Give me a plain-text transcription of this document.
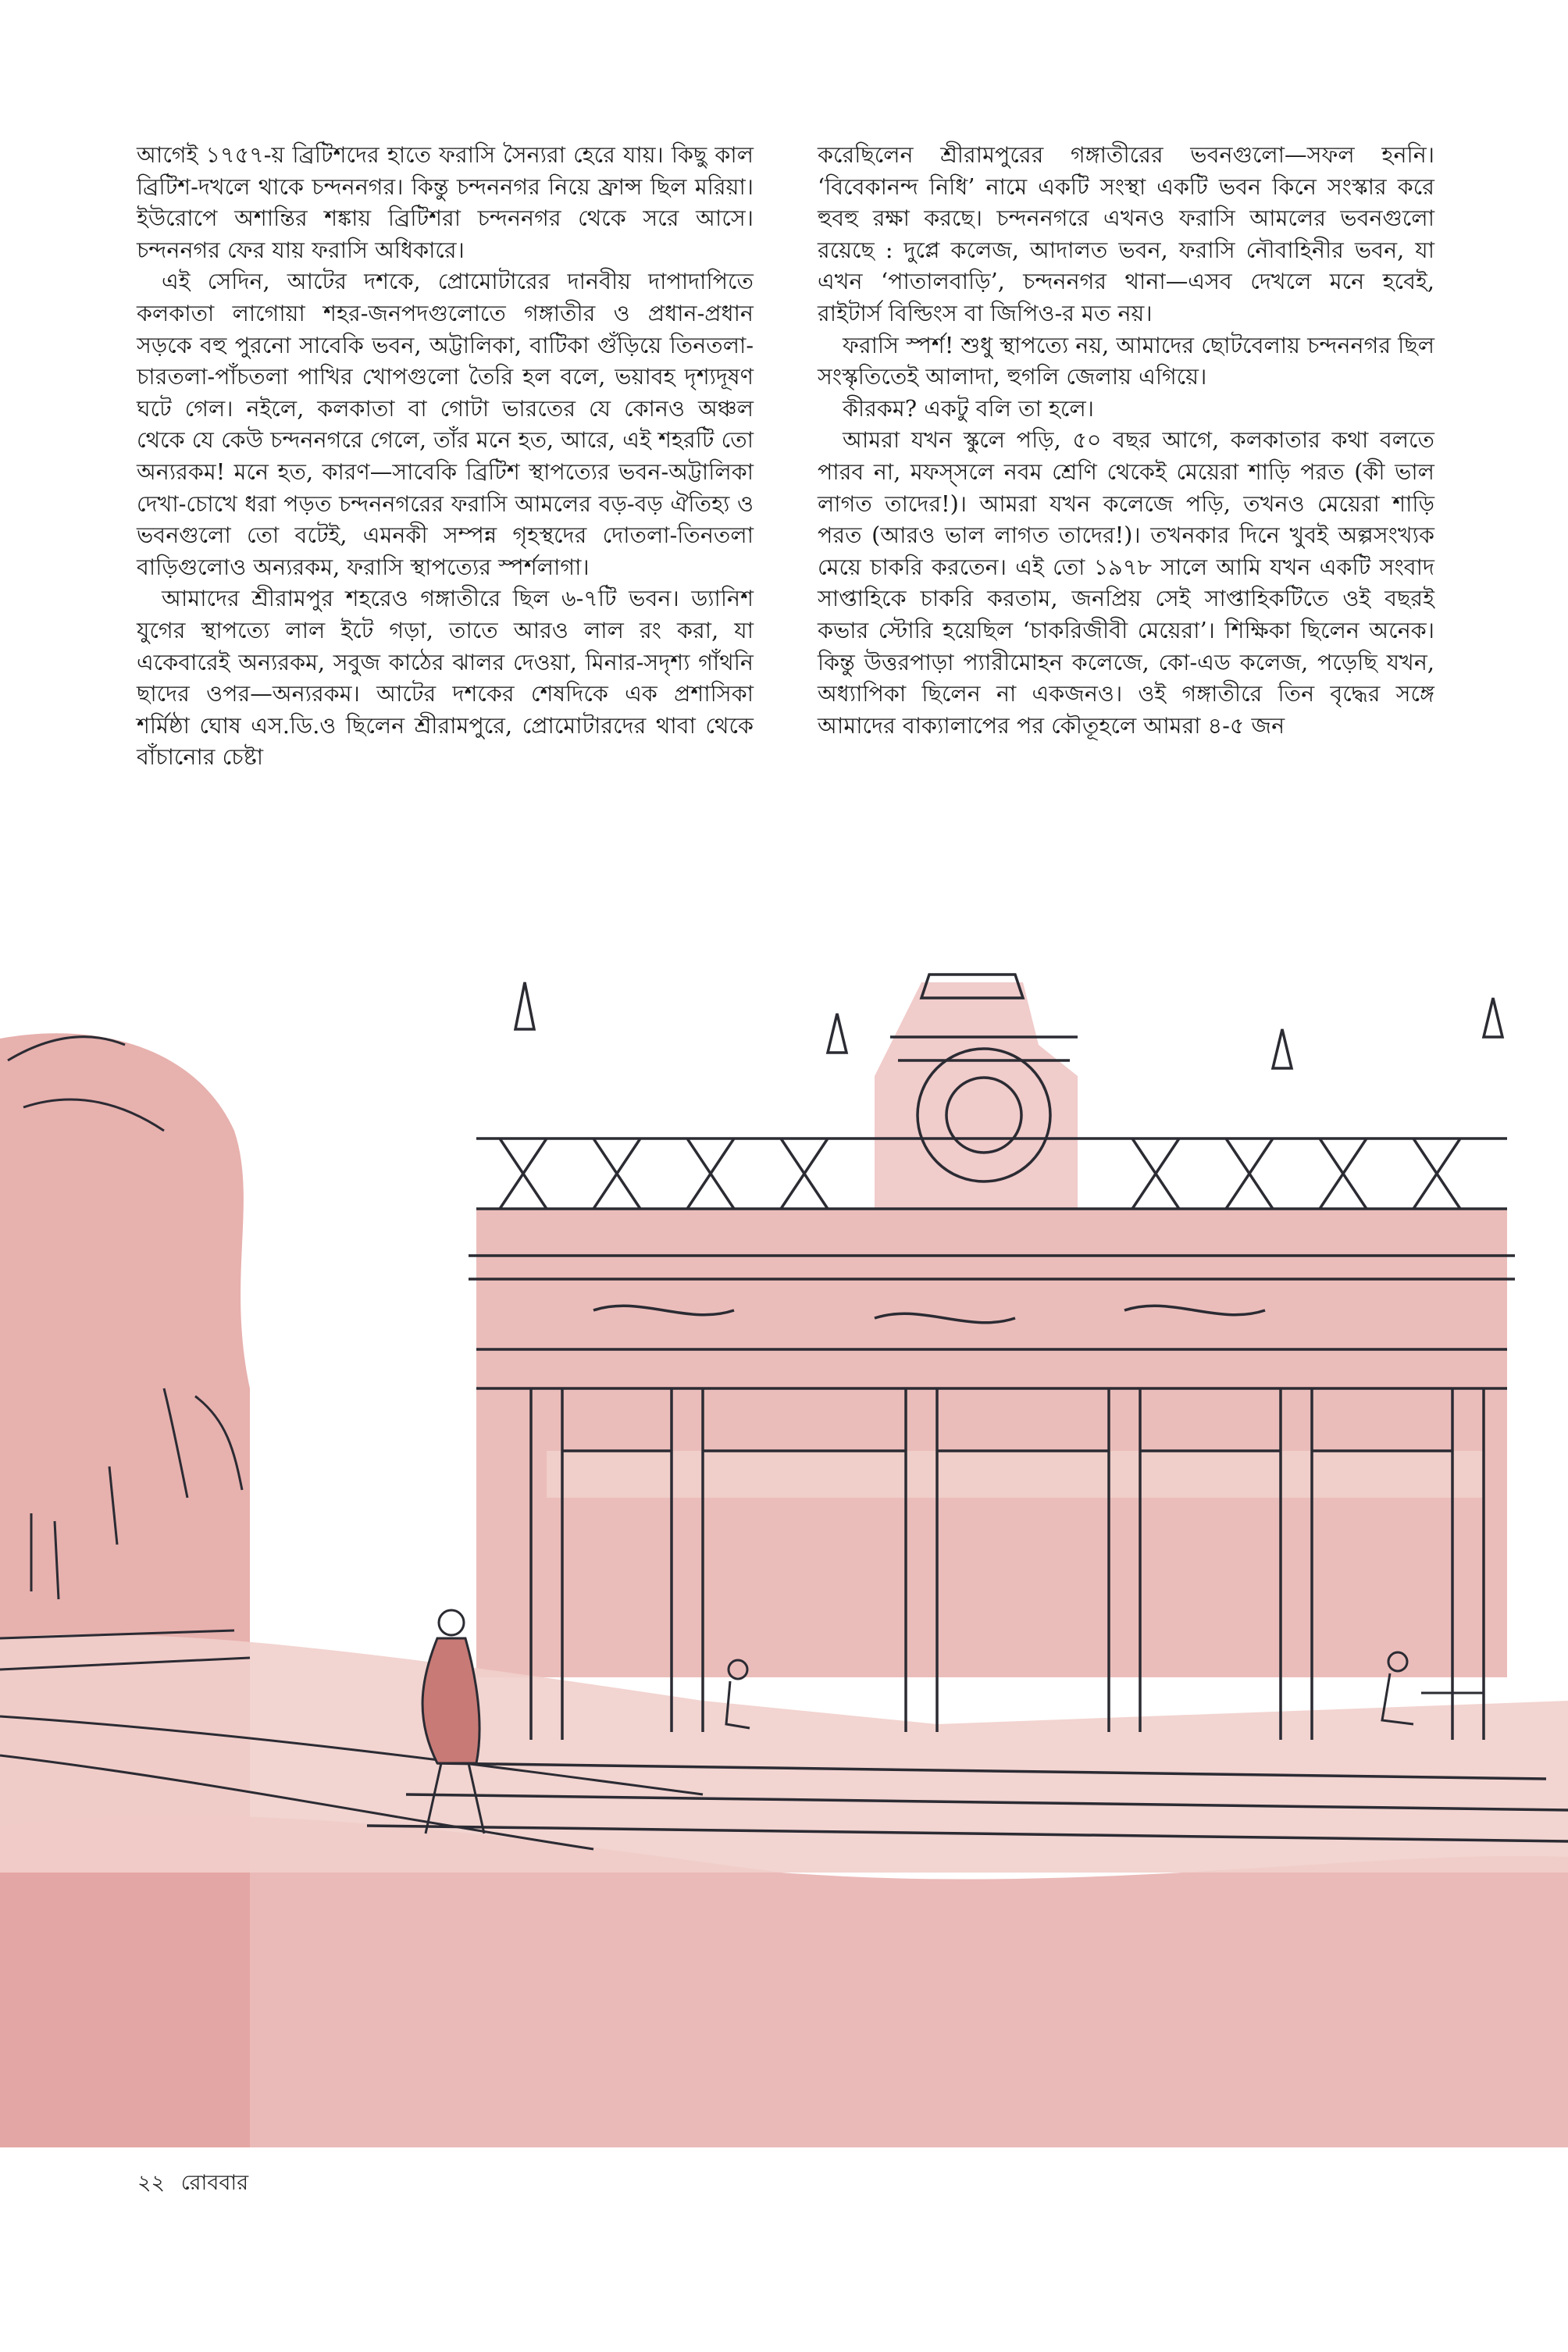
আগেই ১৭৫৭-য় ব্রিটিশদের হাতে ফরাসি সৈন্যরা হেরে যায়। কিছু কাল ব্রিটিশ-দখলে থাকে চন্দননগর। কিন্তু চন্দননগর নিয়ে ফ্রান্স ছিল মরিয়া। ইউরোপে অশান্তির শঙ্কায় ব্রিটিশরা চন্দননগর থেকে সরে আসে। চন্দননগর ফের যায় ফরাসি অধিকারে।

এই সেদিন, আটের দশকে, প্রোমোটারের দানবীয় দাপাদাপিতে কলকাতা লাগোয়া শহর-জনপদগুলোতে গঙ্গাতীর ও প্রধান-প্রধান সড়কে বহু পুরনো সাবেকি ভবন, অট্টালিকা, বাটিকা গুঁড়িয়ে তিনতলা-চারতলা-পাঁচতলা পাখির খোপগুলো তৈরি হল বলে, ভয়াবহ দৃশ্যদূষণ ঘটে গেল। নইলে, কলকাতা বা গোটা ভারতের যে কোনও অঞ্চল থেকে যে কেউ চন্দননগরে গেলে, তাঁর মনে হত, আরে, এই শহরটি তো অন্যরকম! মনে হত, কারণ—সাবেকি ব্রিটিশ স্থাপত্যের ভবন-অট্টালিকা দেখা-চোখে ধরা পড়ত চন্দননগরের ফরাসি আমলের বড়-বড় ঐতিহ্য ও ভবনগুলো তো বটেই, এমনকী সম্পন্ন গৃহস্থদের দোতলা-তিনতলা বাড়িগুলোও অন্যরকম, ফরাসি স্থাপত্যের স্পর্শলাগা।

আমাদের শ্রীরামপুর শহরেও গঙ্গাতীরে ছিল ৬-৭টি ভবন। ড্যানিশ যুগের স্থাপত্যে লাল ইটে গড়া, তাতে আরও লাল রং করা, যা একেবারেই অন্যরকম, সবুজ কাঠের ঝালর দেওয়া, মিনার-সদৃশ্য গাঁথনি ছাদের ওপর—অন্যরকম। আটের দশকের শেষদিকে এক প্রশাসিকা শর্মিষ্ঠা ঘোষ এস.ডি.ও ছিলেন শ্রীরামপুরে, প্রোমোটারদের থাবা থেকে বাঁচানোর চেষ্টা

করেছিলেন শ্রীরামপুরের গঙ্গাতীরের ভবনগুলো—সফল হননি। ‘বিবেকানন্দ নিধি’ নামে একটি সংস্থা একটি ভবন কিনে সংস্কার করে হুবহু রক্ষা করছে। চন্দননগরে এখনও ফরাসি আমলের ভবনগুলো রয়েছে : দুপ্লে কলেজ, আদালত ভবন, ফরাসি নৌবাহিনীর ভবন, যা এখন ‘পাতালবাড়ি’, চন্দননগর থানা—এসব দেখলে মনে হবেই, রাইটার্স বিল্ডিংস বা জিপিও-র মত নয়।

ফরাসি স্পর্শ! শুধু স্থাপত্যে নয়, আমাদের ছোটবেলায় চন্দননগর ছিল সংস্কৃতিতেই আলাদা, হুগলি জেলায় এগিয়ে।

কীরকম? একটু বলি তা হলে।

আমরা যখন স্কুলে পড়ি, ৫০ বছর আগে, কলকাতার কথা বলতে পারব না, মফস্‌সলে নবম শ্রেণি থেকেই মেয়েরা শাড়ি পরত (কী ভাল লাগত তাদের!)। আমরা যখন কলেজে পড়ি, তখনও মেয়েরা শাড়ি পরত (আরও ভাল লাগত তাদের!)। তখনকার দিনে খুবই অল্পসংখ্যক মেয়ে চাকরি করতেন। এই তো ১৯৭৮ সালে আমি যখন একটি সংবাদ সাপ্তাহিকে চাকরি করতাম, জনপ্রিয় সেই সাপ্তাহিকটিতে ওই বছরই কভার স্টোরি হয়েছিল ‘চাকরিজীবী মেয়েরা’। শিক্ষিকা ছিলেন অনেক। কিন্তু উত্তরপাড়া প্যারীমোহন কলেজে, কো-এড কলেজ, পড়েছি যখন, অধ্যাপিকা ছিলেন না একজনও। ওই গঙ্গাতীরে তিন বৃদ্ধের সঙ্গে আমাদের বাক্যালাপের পর কৌতূহলে আমরা ৪-৫ জন

২২ রোববার
